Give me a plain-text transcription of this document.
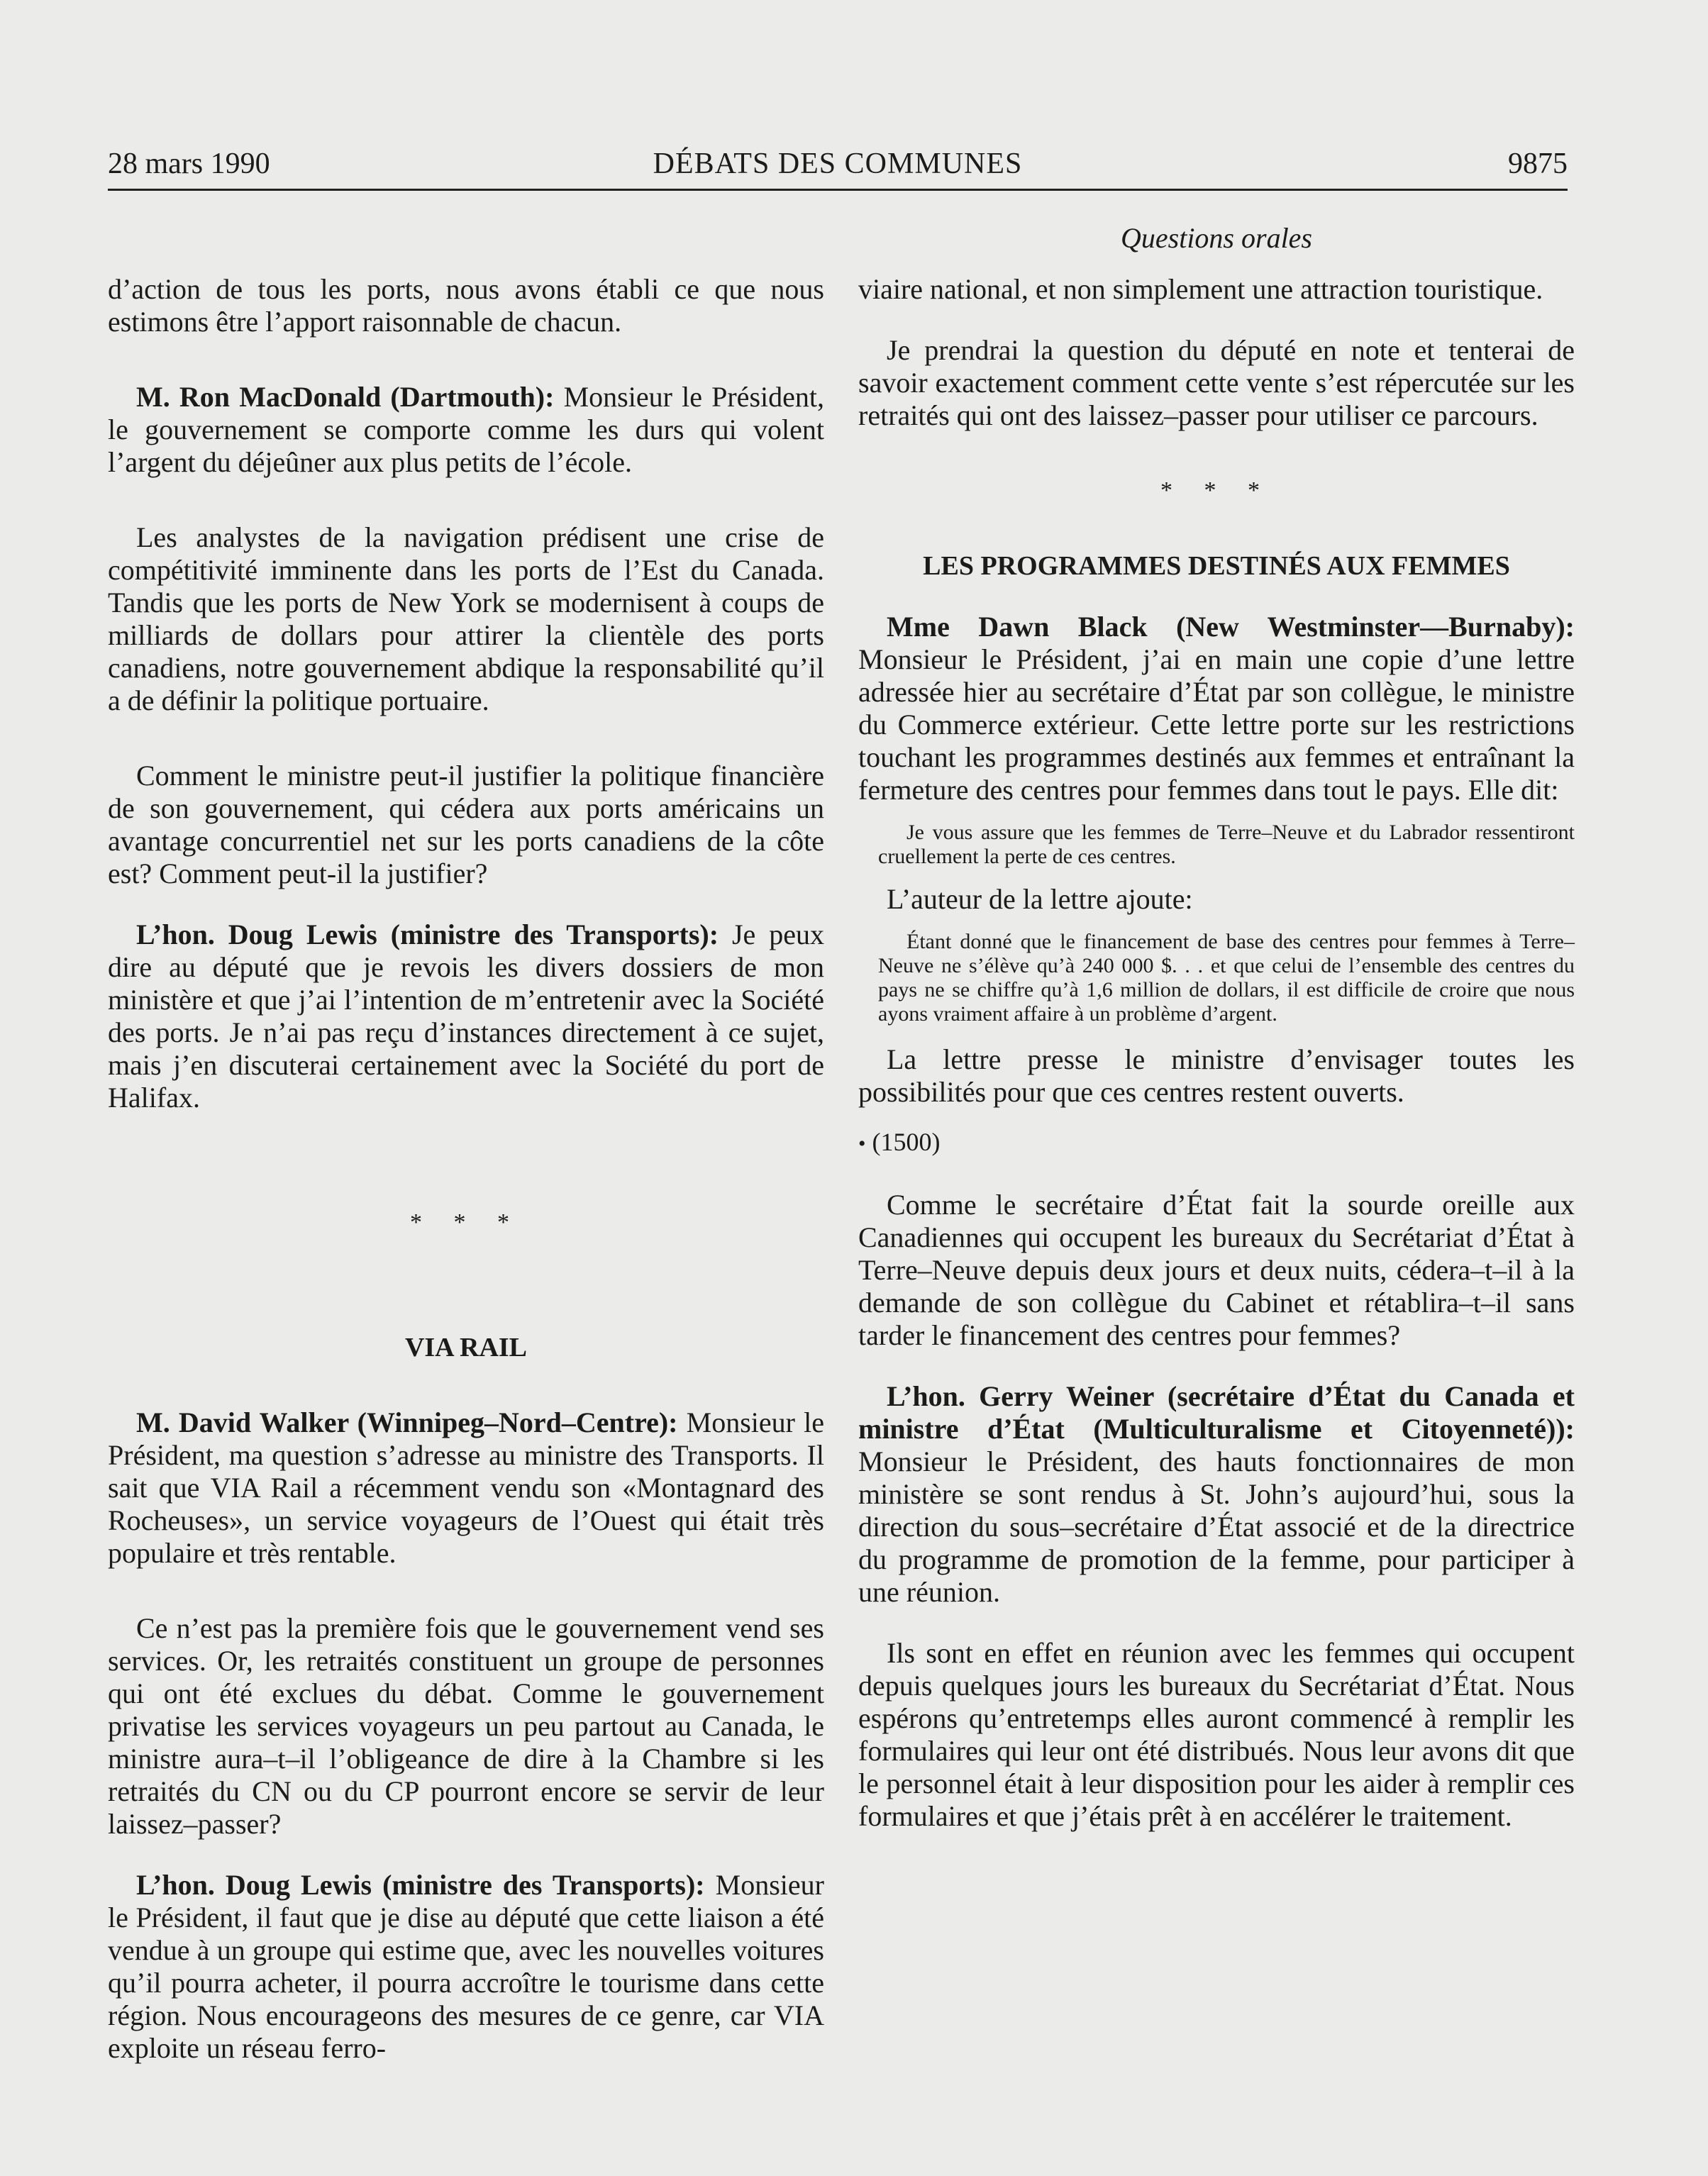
28 mars 1990	DÉBATS DES COMMUNES	9875
Questions orales

d’action de tous les ports, nous avons établi ce que nous estimons être l’apport raisonnable de chacun.

M. Ron MacDonald (Dartmouth): Monsieur le Président, le gouvernement se comporte comme les durs qui volent l’argent du déjeûner aux plus petits de l’école.

Les analystes de la navigation prédisent une crise de compétitivité imminente dans les ports de l’Est du Canada. Tandis que les ports de New York se modernisent à coups de milliards de dollars pour attirer la clientèle des ports canadiens, notre gouvernement abdique la responsabilité qu’il a de définir la politique portuaire.

Comment le ministre peut-il justifier la politique financière de son gouvernement, qui cédera aux ports américains un avantage concurrentiel net sur les ports canadiens de la côte est? Comment peut-il la justifier?

L’hon. Doug Lewis (ministre des Transports): Je peux dire au député que je revois les divers dossiers de mon ministère et que j’ai l’intention de m’entretenir avec la Société des ports. Je n’ai pas reçu d’instances directement à ce sujet, mais j’en discuterai certainement avec la Société du port de Halifax.

* * *

VIA RAIL

M. David Walker (Winnipeg–Nord–Centre): Monsieur le Président, ma question s’adresse au ministre des Transports. Il sait que VIA Rail a récemment vendu son «Montagnard des Rocheuses», un service voyageurs de l’Ouest qui était très populaire et très rentable.

Ce n’est pas la première fois que le gouvernement vend ses services. Or, les retraités constituent un groupe de personnes qui ont été exclues du débat. Comme le gouvernement privatise les services voyageurs un peu partout au Canada, le ministre aura–t–il l’obligeance de dire à la Chambre si les retraités du CN ou du CP pourront encore se servir de leur laissez–passer?

L’hon. Doug Lewis (ministre des Transports): Monsieur le Président, il faut que je dise au député que cette liaison a été vendue à un groupe qui estime que, avec les nouvelles voitures qu’il pourra acheter, il pourra accroître le tourisme dans cette région. Nous encourageons des mesures de ce genre, car VIA exploite un réseau ferro-

viaire national, et non simplement une attraction touristique.

Je prendrai la question du député en note et tenterai de savoir exactement comment cette vente s’est répercutée sur les retraités qui ont des laissez–passer pour utiliser ce parcours.

* * *

LES PROGRAMMES DESTINÉS AUX FEMMES

Mme Dawn Black (New Westminster—Burnaby): Monsieur le Président, j’ai en main une copie d’une lettre adressée hier au secrétaire d’État par son collègue, le ministre du Commerce extérieur. Cette lettre porte sur les restrictions touchant les programmes destinés aux femmes et entraînant la fermeture des centres pour femmes dans tout le pays. Elle dit:

Je vous assure que les femmes de Terre–Neuve et du Labrador ressentiront cruellement la perte de ces centres.

L’auteur de la lettre ajoute:

Étant donné que le financement de base des centres pour femmes à Terre–Neuve ne s’élève qu’à 240 000 $. . . et que celui de l’ensemble des centres du pays ne se chiffre qu’à 1,6 million de dollars, il est difficile de croire que nous ayons vraiment affaire à un problème d’argent.

La lettre presse le ministre d’envisager toutes les possibilités pour que ces centres restent ouverts.

• (1500)

Comme le secrétaire d’État fait la sourde oreille aux Canadiennes qui occupent les bureaux du Secrétariat d’État à Terre–Neuve depuis deux jours et deux nuits, cédera–t–il à la demande de son collègue du Cabinet et rétablira–t–il sans tarder le financement des centres pour femmes?

L’hon. Gerry Weiner (secrétaire d’État du Canada et ministre d’État (Multiculturalisme et Citoyenneté)): Monsieur le Président, des hauts fonctionnaires de mon ministère se sont rendus à St. John’s aujourd’hui, sous la direction du sous–secrétaire d’État associé et de la directrice du programme de promotion de la femme, pour participer à une réunion.

Ils sont en effet en réunion avec les femmes qui occupent depuis quelques jours les bureaux du Secrétariat d’État. Nous espérons qu’entretemps elles auront commencé à remplir les formulaires qui leur ont été distribués. Nous leur avons dit que le personnel était à leur disposition pour les aider à remplir ces formulaires et que j’étais prêt à en accélérer le traitement.
